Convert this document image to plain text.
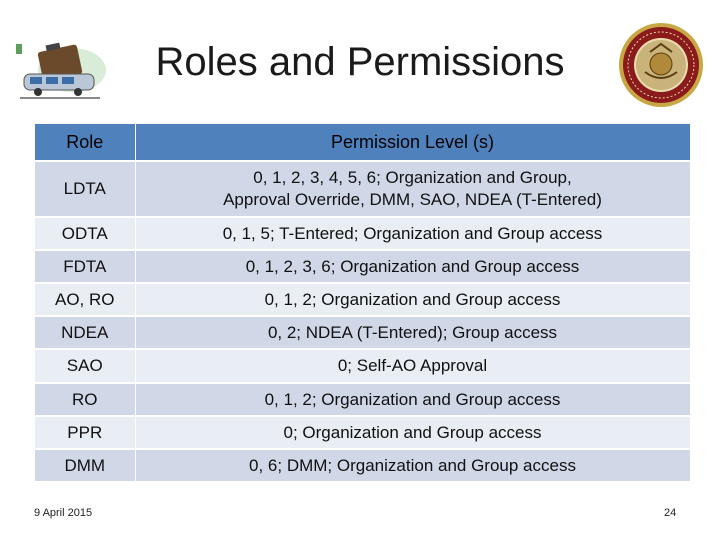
Roles and Permissions
Role	Permission Level (s)
LDTA	0, 1, 2, 3, 4, 5, 6; Organization and Group,
Approval Override, DMM, SAO, NDEA (T-Entered)
ODTA	0, 1, 5; T-Entered; Organization and Group access
FDTA	0, 1, 2, 3, 6; Organization and Group access
AO, RO	0, 1, 2; Organization and Group access
NDEA	0, 2; NDEA (T-Entered); Group access
SAO	0; Self-AO Approval
RO	0, 1, 2; Organization and Group access
PPR	0; Organization and Group access
DMM	0, 6; DMM; Organization and Group access
9 April 2015	24
